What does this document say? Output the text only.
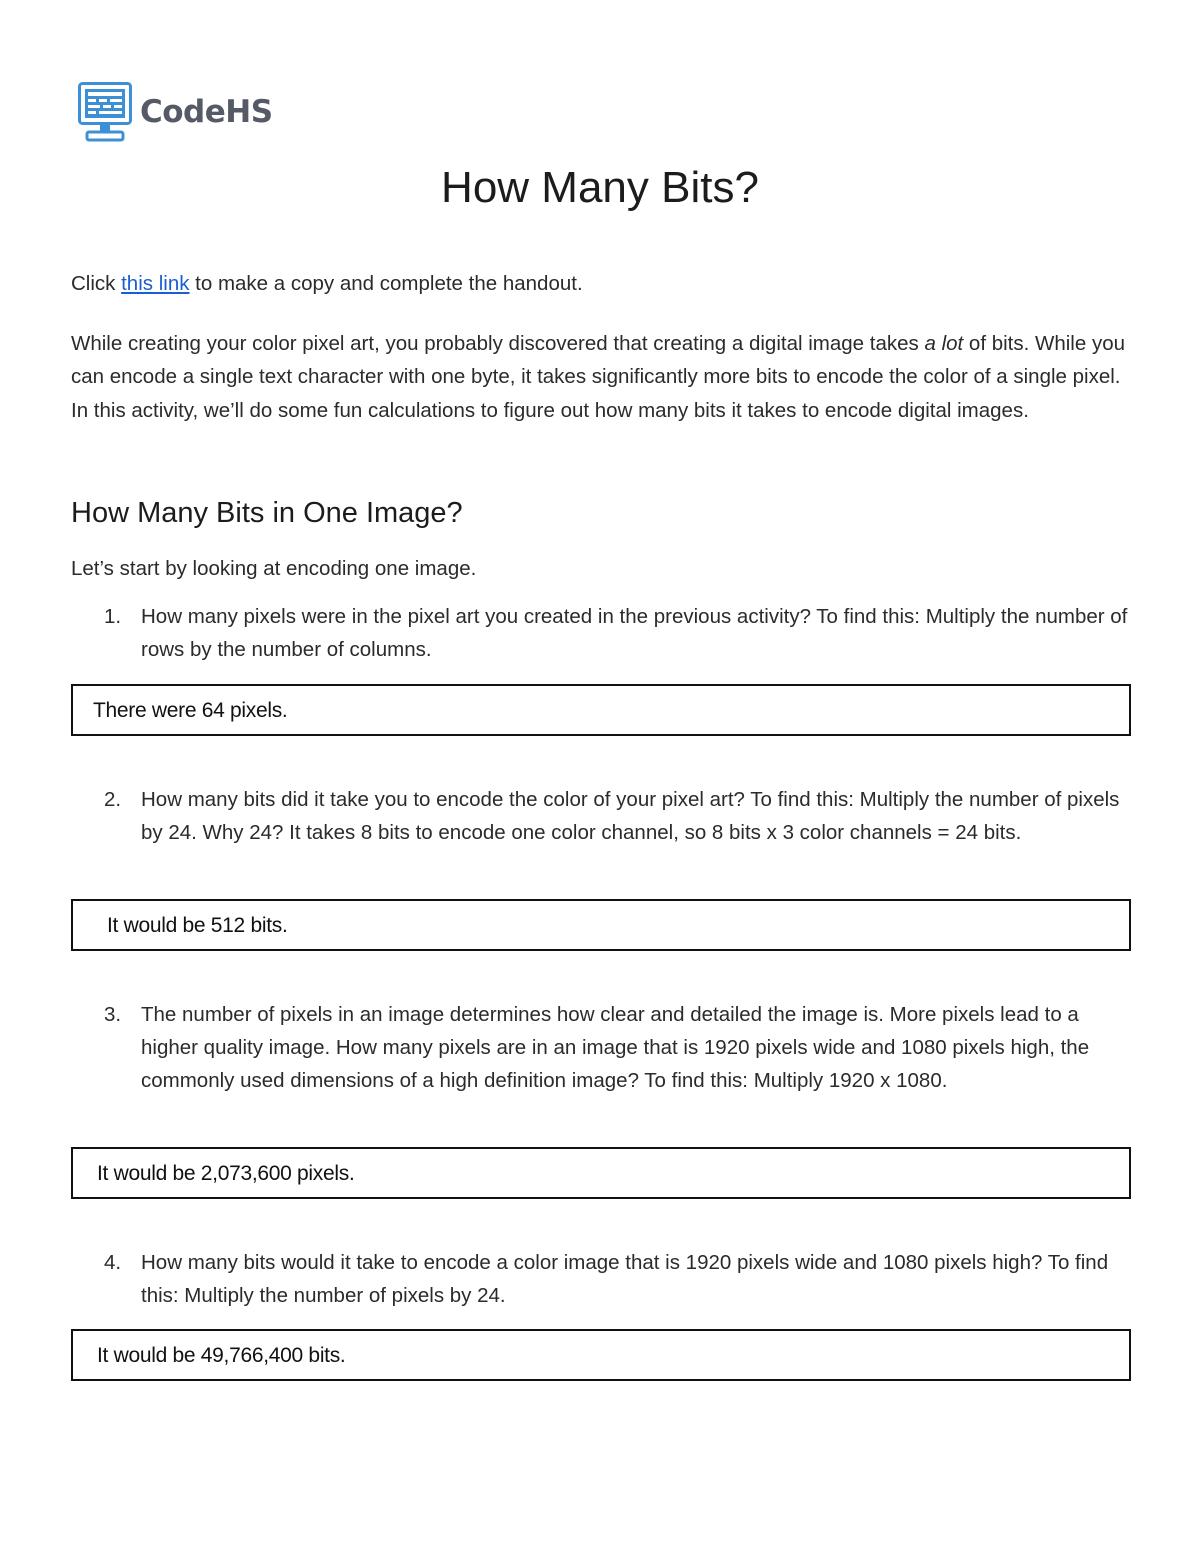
CodeHS
How Many Bits?

Click this link to make a copy and complete the handout.

While creating your color pixel art, you probably discovered that creating a digital image takes a lot of bits. While you can encode a single text character with one byte, it takes significantly more bits to encode the color of a single pixel. In this activity, we’ll do some fun calculations to figure out how many bits it takes to encode digital images.

How Many Bits in One Image?

Let’s start by looking at encoding one image.

1. How many pixels were in the pixel art you created in the previous activity? To find this: Multiply the number of rows by the number of columns.
There were 64 pixels.
2. How many bits did it take you to encode the color of your pixel art? To find this: Multiply the number of pixels by 24. Why 24? It takes 8 bits to encode one color channel, so 8 bits x 3 color channels = 24 bits.
It would be 512 bits.
3. The number of pixels in an image determines how clear and detailed the image is. More pixels lead to a higher quality image. How many pixels are in an image that is 1920 pixels wide and 1080 pixels high, the commonly used dimensions of a high definition image? To find this: Multiply 1920 x 1080.
It would be 2,073,600 pixels.
4. How many bits would it take to encode a color image that is 1920 pixels wide and 1080 pixels high? To find this: Multiply the number of pixels by 24.
It would be 49,766,400 bits.
